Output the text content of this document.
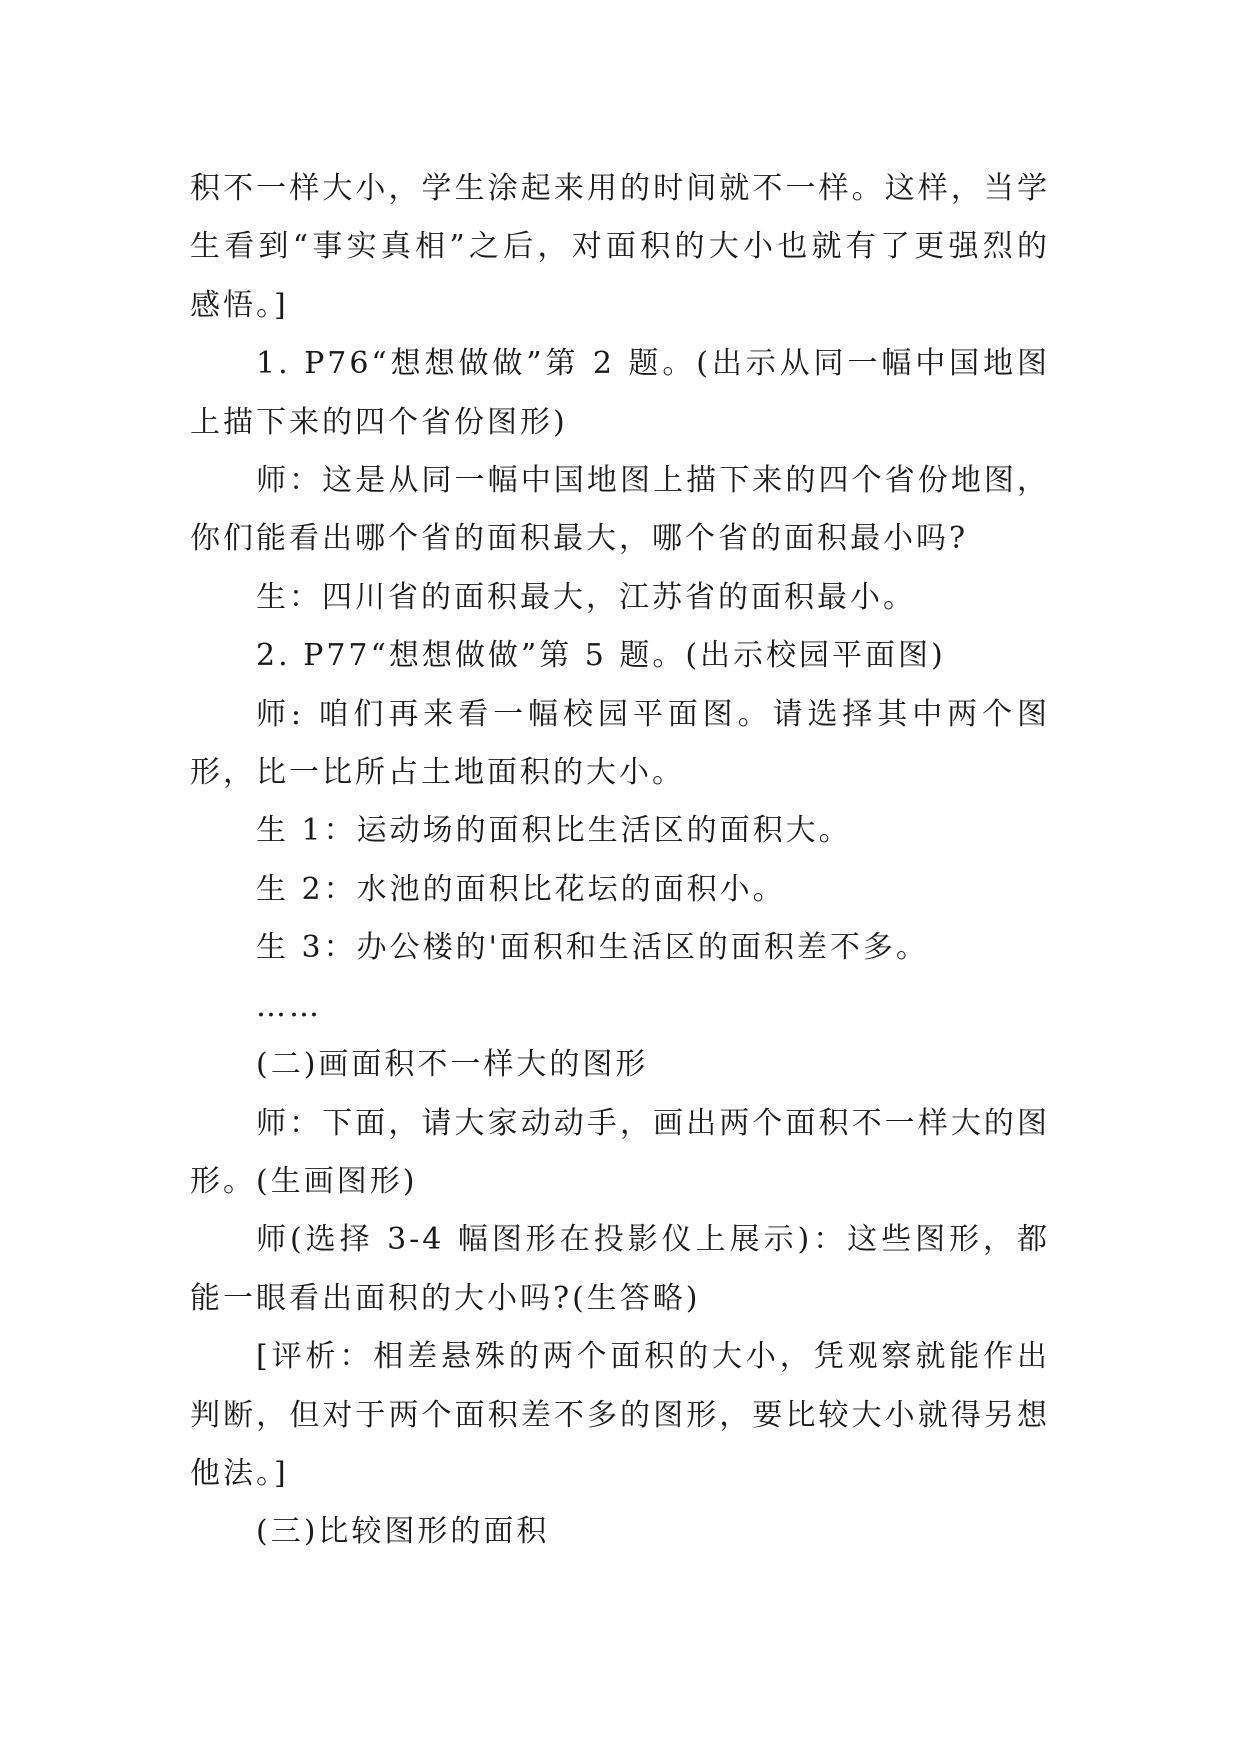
积不一样大小，学生涂起来用的时间就不一样。这样，当学生看到“事实真相”之后，对面积的大小也就有了更强烈的感悟。]

1. P76“想想做做”第 2 题。(出示从同一幅中国地图上描下来的四个省份图形)

师：这是从同一幅中国地图上描下来的四个省份地图，你们能看出哪个省的面积最大，哪个省的面积最小吗?

生：四川省的面积最大，江苏省的面积最小。

2. P77“想想做做”第 5 题。(出示校园平面图)

师: 咱们再来看一幅校园平面图。请选择其中两个图形，比一比所占土地面积的大小。

生 1：运动场的面积比生活区的面积大。

生 2：水池的面积比花坛的面积小。

生 3：办公楼的'面积和生活区的面积差不多。

……

(二)画面积不一样大的图形

师：下面，请大家动动手，画出两个面积不一样大的图形。(生画图形)

师(选择 3-4 幅图形在投影仪上展示)：这些图形，都能一眼看出面积的大小吗?(生答略)

[评析：相差悬殊的两个面积的大小，凭观察就能作出判断，但对于两个面积差不多的图形，要比较大小就得另想他法。]

(三)比较图形的面积
